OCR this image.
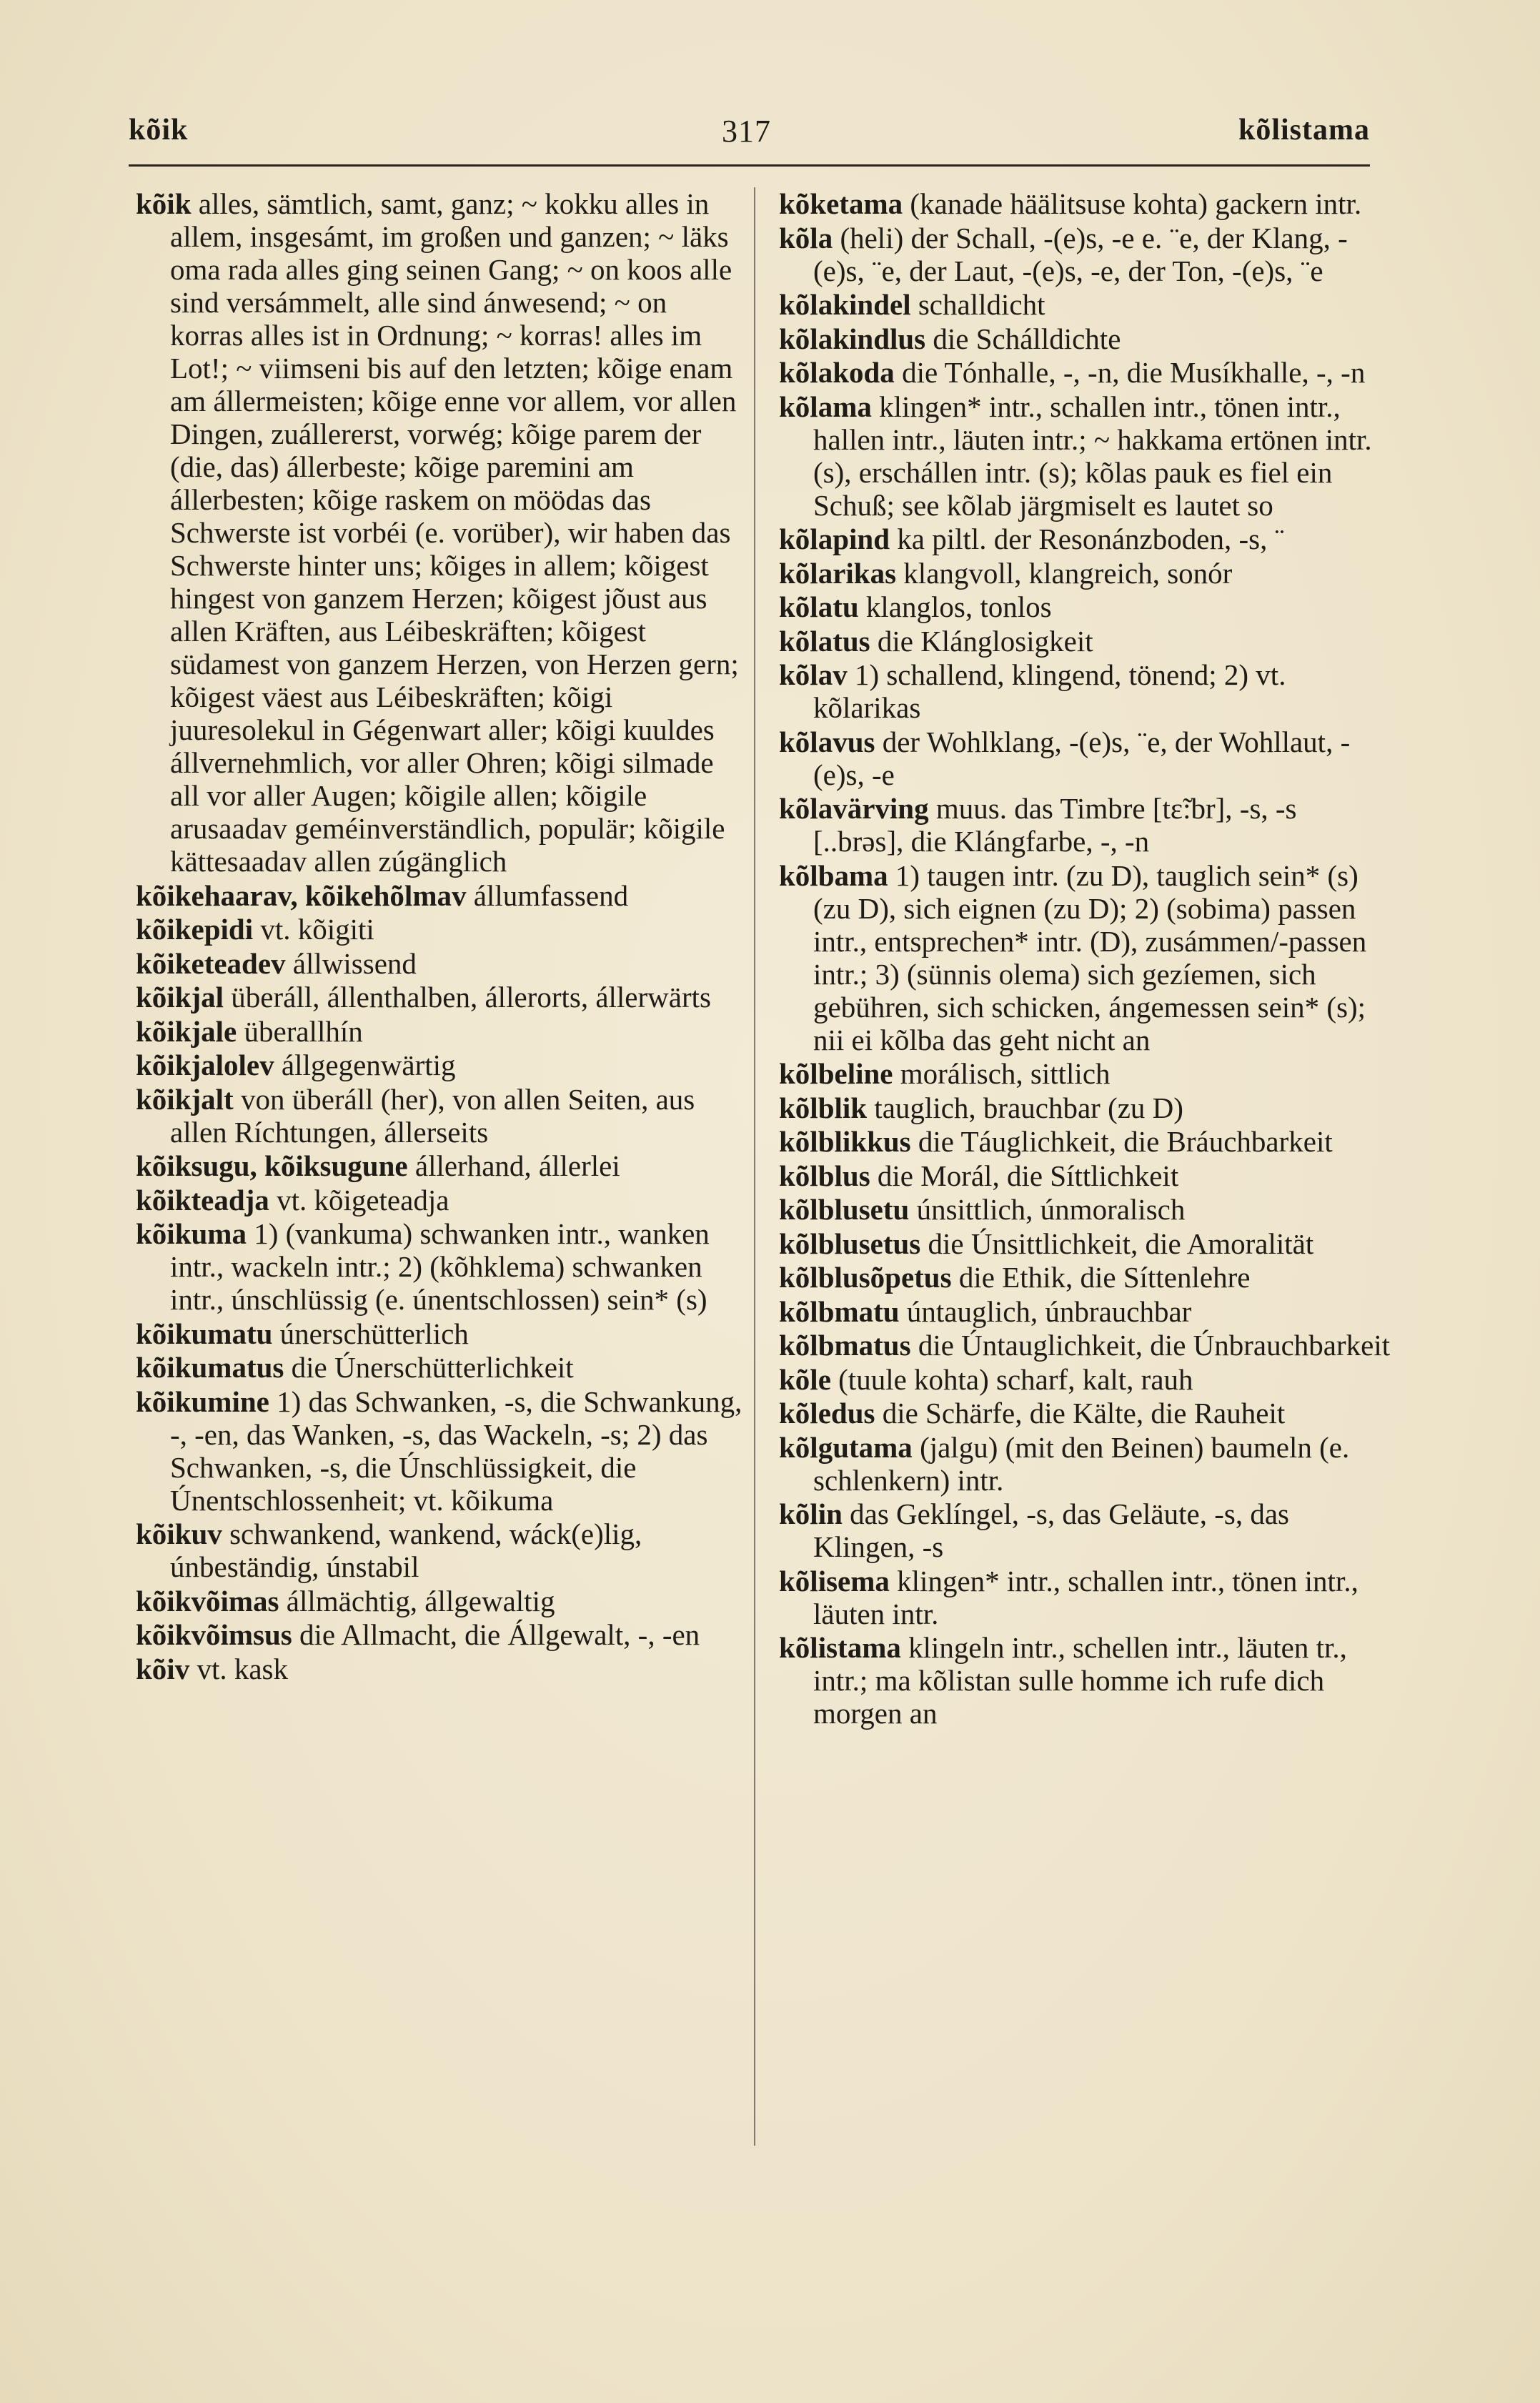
kõik	317	kõlistama

kõik alles, sämtlich, samt, ganz; ~ kokku alles in allem, insgesámt, im großen und ganzen; ~ läks oma rada alles ging seinen Gang; ~ on koos alle sind versámmelt, alle sind ánwesend; ~ on korras alles ist in Ordnung; ~ korras! alles im Lot!; ~ viimseni bis auf den letzten; kõige enam am állermeisten; kõige enne vor allem, vor allen Dingen, zuállererst, vorwég; kõige parem der (die, das) állerbeste; kõige paremini am állerbesten; kõige raskem on möödas das Schwerste ist vorbéi (e. vorüber), wir haben das Schwerste hinter uns; kõiges in allem; kõigest hingest von ganzem Herzen; kõigest jõust aus allen Kräften, aus Léibeskräften; kõigest südamest von ganzem Herzen, von Herzen gern; kõigest väest aus Léibeskräften; kõigi juuresolekul in Gégenwart aller; kõigi kuuldes állvernehmlich, vor aller Ohren; kõigi silmade all vor aller Augen; kõigile allen; kõigile arusaadav geméinverständlich, populär; kõigile kättesaadav allen zúgänglich

kõikehaarav, kõikehõlmav állumfassend

kõikepidi vt. kõigiti

kõiketeadev állwissend

kõikjal überáll, állenthalben, állerorts, állerwärts

kõikjale überallhín

kõikjalolev állgegenwärtig

kõikjalt von überáll (her), von allen Seiten, aus allen Ríchtungen, állerseits

kõiksugu, kõiksugune állerhand, állerlei

kõikteadja vt. kõigeteadja

kõikuma 1) (vankuma) schwanken intr., wanken intr., wackeln intr.; 2) (kõhklema) schwanken intr., únschlüssig (e. únentschlossen) sein* (s)

kõikumatu únerschütterlich

kõikumatus die Únerschütterlichkeit

kõikumine 1) das Schwanken, -s, die Schwankung, -, -en, das Wanken, -s, das Wackeln, -s; 2) das Schwanken, -s, die Únschlüssigkeit, die Únentschlossenheit; vt. kõikuma

kõikuv schwankend, wankend, wáck(e)lig, únbeständig, únstabil

kõikvõimas állmächtig, állgewaltig

kõikvõimsus die Allmacht, die Állgewalt, -, -en

kõiv vt. kask

kõketama (kanade häälitsuse kohta) gackern intr.

kõla (heli) der Schall, -(e)s, -e e. ¨e, der Klang, -(e)s, ¨e, der Laut, -(e)s, -e, der Ton, -(e)s, ¨e

kõlakindel schalldicht

kõlakindlus die Schálldichte

kõlakoda die Tónhalle, -, -n, die Musíkhalle, -, -n

kõlama klingen* intr., schallen intr., tönen intr., hallen intr., läuten intr.; ~ hakkama ertönen intr. (s), erschállen intr. (s); kõlas pauk es fiel ein Schuß; see kõlab järgmiselt es lautet so

kõlapind ka piltl. der Resonánzboden, -s, ¨

kõlarikas klangvoll, klangreich, sonór

kõlatu klanglos, tonlos

kõlatus die Klánglosigkeit

kõlav 1) schallend, klingend, tönend; 2) vt. kõlarikas

kõlavus der Wohlklang, -(e)s, ¨e, der Wohllaut, -(e)s, -e

kõlavärving muus. das Timbre [tɛ̃:br], -s, -s [..brəs], die Klángfarbe, -, -n

kõlbama 1) taugen intr. (zu D), tauglich sein* (s) (zu D), sich eignen (zu D); 2) (sobima) passen intr., entsprechen* intr. (D), zusámmen/-passen intr.; 3) (sünnis olema) sich gezíemen, sich gebühren, sich schicken, ángemessen sein* (s); nii ei kõlba das geht nicht an

kõlbeline morálisch, sittlich

kõlblik tauglich, brauchbar (zu D)

kõlblikkus die Táuglichkeit, die Bráuchbarkeit

kõlblus die Morál, die Síttlichkeit

kõlblusetu únsittlich, únmoralisch

kõlblusetus die Únsittlichkeit, die Amoralität

kõlblusõpetus die Ethik, die Síttenlehre

kõlbmatu úntauglich, únbrauchbar

kõlbmatus die Úntauglichkeit, die Únbrauchbarkeit

kõle (tuule kohta) scharf, kalt, rauh

kõledus die Schärfe, die Kälte, die Rauheit

kõlgutama (jalgu) (mit den Beinen) baumeln (e. schlenkern) intr.

kõlin das Geklíngel, -s, das Geläute, -s, das Klingen, -s

kõlisema klingen* intr., schallen intr., tönen intr., läuten intr.

kõlistama klingeln intr., schellen intr., läuten tr., intr.; ma kõlistan sulle homme ich rufe dich morgen an
